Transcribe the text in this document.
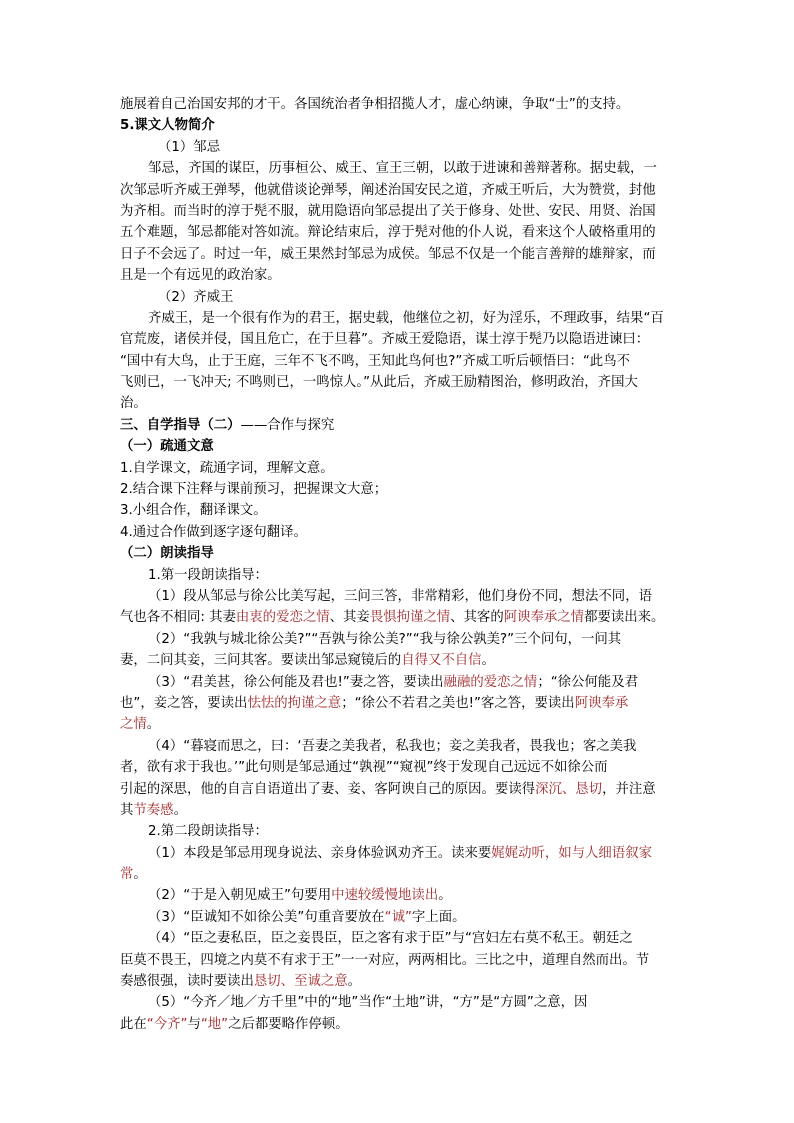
施展着自己治国安邦的才干。各国统治者争相招揽人才，虚心纳谏，争取“士”的支持。
5.课文人物简介
（1）邹忌
邹忌，齐国的谋臣，历事桓公、威王、宣王三朝，以敢于进谏和善辩著称。据史载，一
次邹忌听齐威王弹琴，他就借谈论弹琴，阐述治国安民之道，齐威王听后，大为赞赏，封他
为齐相。而当时的淳于髡不服，就用隐语向邹忌提出了关于修身、处世、安民、用贤、治国
五个难题，邹忌都能对答如流。辩论结束后，淳于髡对他的仆人说，看来这个人破格重用的
日子不会远了。时过一年，威王果然封邹忌为成侯。邹忌不仅是一个能言善辩的雄辩家，而
且是一个有远见的政治家。
（2）齐威王
齐威王，是一个很有作为的君王，据史载，他继位之初，好为淫乐，不理政事，结果“百
官荒废，诸侯并侵，国且危亡，在于旦暮”。齐威王爱隐语，谋士淳于髡乃以隐语进谏曰：
“国中有大鸟，止于王庭，三年不飞不鸣，王知此鸟何也?”齐威工听后顿悟曰：“此鸟不
飞则已，一飞冲天; 不鸣则已，一鸣惊人。”从此后，齐威王励精图治，修明政治，齐国大
治。
三、自学指导（二）——合作与探究
（一）疏通文意
1.自学课文，疏通字词，理解文意。
2.结合课下注释与课前预习，把握课文大意；
3.小组合作，翻译课文。
4.通过合作做到逐字逐句翻译。
（二）朗读指导
1.第一段朗读指导：
（1）段从邹忌与徐公比美写起，三问三答，非常精彩，他们身份不同，想法不同，语
气也各不相同: 其妻由衷的爱恋之情、其妾畏惧拘谨之情、其客的阿谀奉承之情都要读出来。
（2）“我孰与城北徐公美?”“吾孰与徐公美?”“我与徐公孰美?”三个问句，一问其
妻，二问其妾，三问其客。要读出邹忌窥镜后的自得又不自信。
（3）“君美甚，徐公何能及君也!”妻之答，要读出融融的爱恋之情；“徐公何能及君
也”，妾之答，要读出怯怯的拘谨之意；“徐公不若君之美也!”客之答，要读出阿谀奉承
之情。
（4）“暮寝而思之，曰：‘吾妻之美我者，私我也；妾之美我者，畏我也；客之美我
者，欲有求于我也。’”此句则是邹忌通过“孰视”“窥视”终于发现自己远远不如徐公而
引起的深思，他的自言自语道出了妻、妾、客阿谀自己的原因。要读得深沉、恳切，并注意
其节奏感。
2.第二段朗读指导：
（1）本段是邹忌用现身说法、亲身体验讽劝齐王。读来要娓娓动听，如与人细语叙家
常。
（2）“于是入朝见威王”句要用中速较缓慢地读出。
（3）“臣诚知不如徐公美”句重音要放在“诚”字上面。
（4）“臣之妻私臣，臣之妾畏臣，臣之客有求于臣”与“宫妇左右莫不私王。朝廷之
臣莫不畏王，四境之内莫不有求于王”一一对应，两两相比。三比之中，道理自然而出。节
奏感很强，读时要读出恳切、至诚之意。
（5）“今齐／地／方千里”中的“地”当作“土地”讲，“方”是“方圆”之意，因
此在“今齐”与“地”之后都要略作停顿。
